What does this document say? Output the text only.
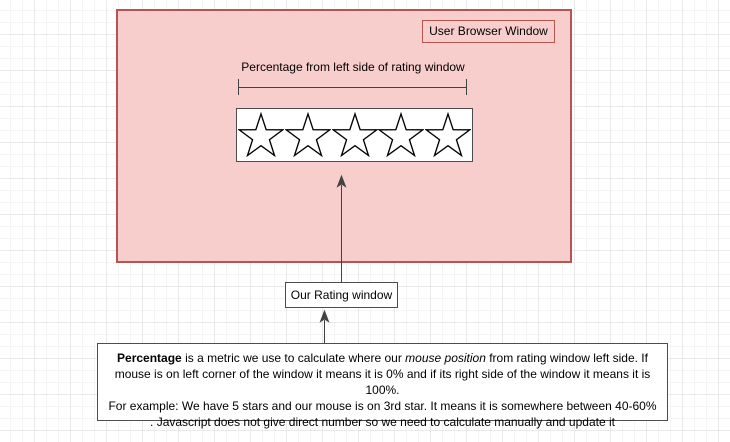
User Browser Window
Percentage from left side of rating window
Our Rating window
Percentage is a metric we use to calculate where our mouse position from rating window left side. If mouse is on left corner of the window it means it is 0% and if its right side of the window it means it is 100%.
For example: We have 5 stars and our mouse is on 3rd star. It means it is somewhere between 40-60% . Javascript does not give direct number so we need to calculate manually and update it
